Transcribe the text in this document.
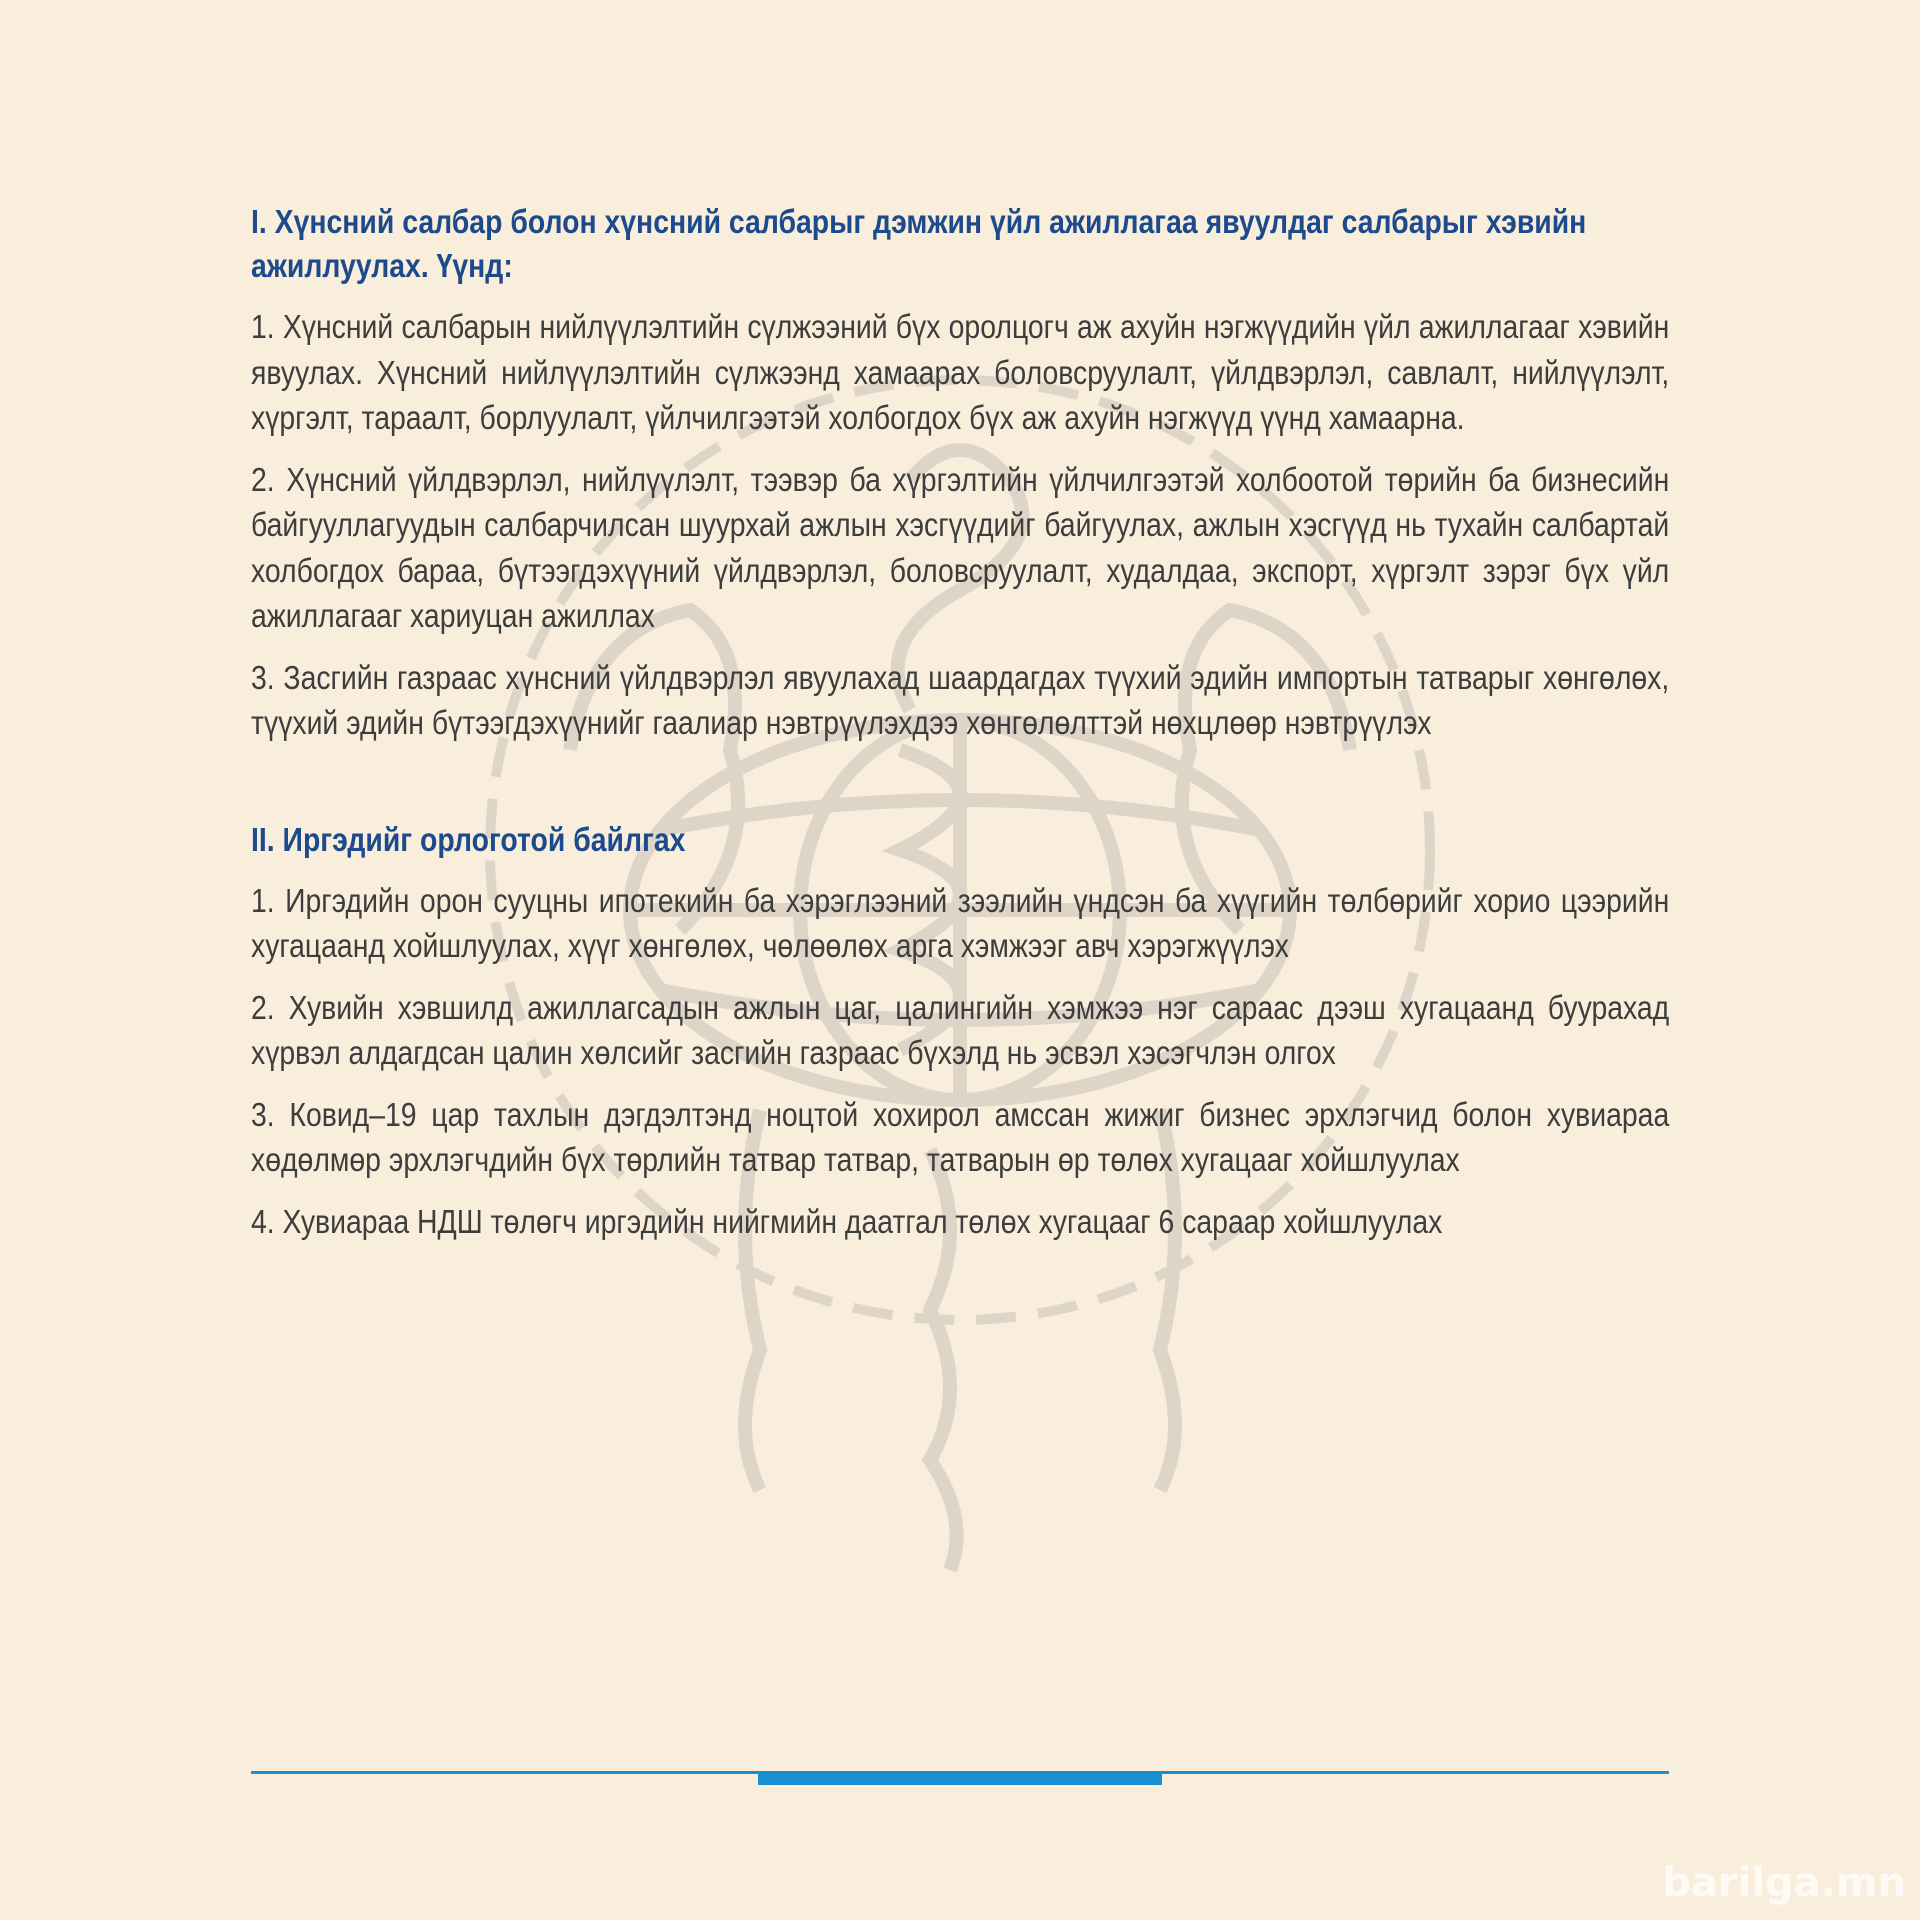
I. Хүнсний салбар болон хүнсний салбарыг дэмжин үйл ажиллагаа явуулдаг салбарыг хэвийн ажиллуулах. Үүнд:

1. Хүнсний салбарын нийлүүлэлтийн сүлжээний бүх оролцогч аж ахуйн нэгжүүдийн үйл ажиллагааг хэвийн явуулах. Хүнсний нийлүүлэлтийн сүлжээнд хамаарах боловсруулалт, үйлдвэрлэл, савлалт, нийлүүлэлт, хүргэлт, тараалт, борлуулалт, үйлчилгээтэй холбогдох бүх аж ахуйн нэгжүүд үүнд хамаарна.

2. Хүнсний үйлдвэрлэл, нийлүүлэлт, тээвэр ба хүргэлтийн үйлчилгээтэй холбоотой төрийн ба бизнесийн байгууллагуудын салбарчилсан шуурхай ажлын хэсгүүдийг байгуулах, ажлын хэсгүүд нь тухайн салбартай холбогдох бараа, бүтээгдэхүүний үйлдвэрлэл, боловсруулалт, худалдаа, экспорт, хүргэлт зэрэг бүх үйл ажиллагааг хариуцан ажиллах

3. Засгийн газраас хүнсний үйлдвэрлэл явуулахад шаардагдах түүхий эдийн импортын татварыг хөнгөлөх, түүхий эдийн бүтээгдэхүүнийг гаалиар нэвтрүүлэхдээ хөнгөлөлттэй нөхцлөөр нэвтрүүлэх

II. Иргэдийг орлоготой байлгах

1. Иргэдийн орон сууцны ипотекийн ба хэрэглээний зээлийн үндсэн ба хүүгийн төлбөрийг хорио цээрийн хугацаанд хойшлуулах, хүүг хөнгөлөх, чөлөөлөх арга хэмжээг авч хэрэгжүүлэх

2. Хувийн хэвшилд ажиллагсадын ажлын цаг, цалингийн хэмжээ нэг сараас дээш хугацаанд буурахад хүрвэл алдагдсан цалин хөлсийг засгийн газраас бүхэлд нь эсвэл хэсэгчлэн олгох

3. Ковид–19 цар тахлын дэгдэлтэнд ноцтой хохирол амссан жижиг бизнес эрхлэгчид болон хувиараа хөдөлмөр эрхлэгчдийн бүх төрлийн татвар татвар, татварын өр төлөх хугацааг хойшлуулах

4. Хувиараа НДШ төлөгч иргэдийн нийгмийн даатгал төлөх хугацааг 6 сараар хойшлуулах

barilga.mn
